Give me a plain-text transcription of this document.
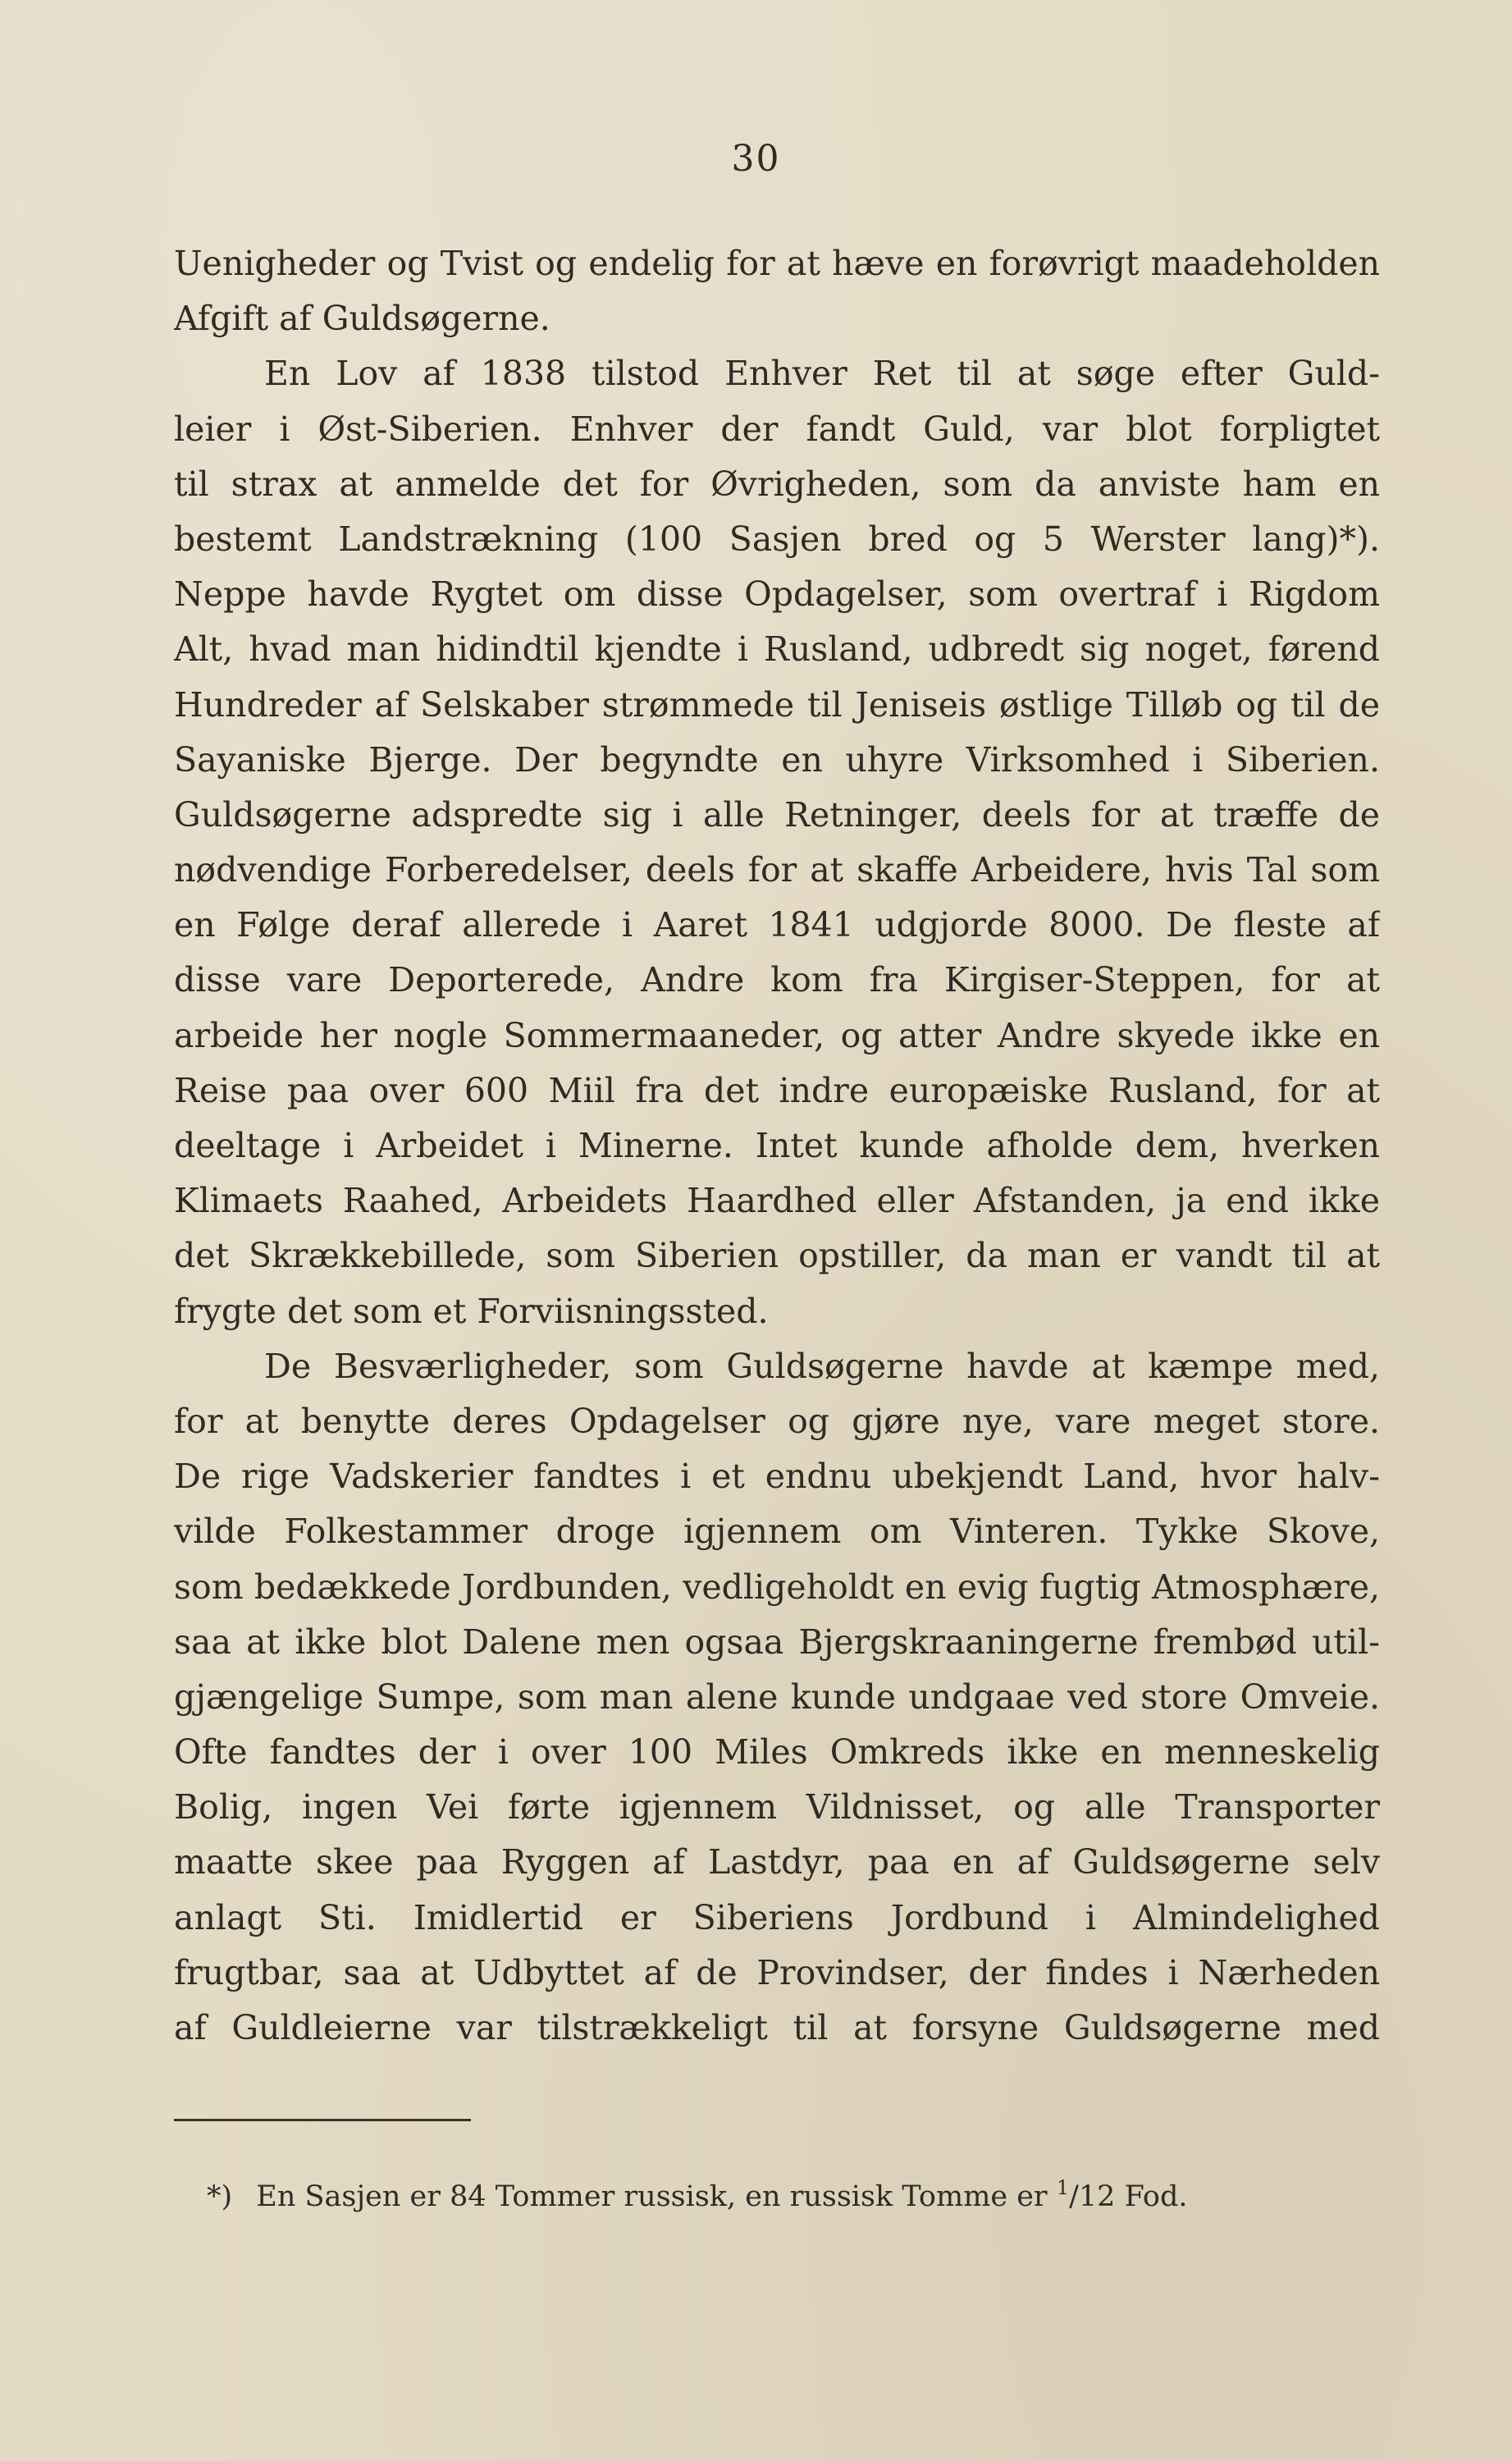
30
Uenigheder og Tvist og endelig for at hæve en forøvrigt maadeholden
Afgift af Guldsøgerne.
En Lov af 1838 tilstod Enhver Ret til at søge efter Guld-
leier i Øst-Siberien. Enhver der fandt Guld, var blot forpligtet
til strax at anmelde det for Øvrigheden, som da anviste ham en
bestemt Landstrækning (100 Sasjen bred og 5 Werster lang)*).
Neppe havde Rygtet om disse Opdagelser, som overtraf i Rigdom
Alt, hvad man hidindtil kjendte i Rusland, udbredt sig noget, førend
Hundreder af Selskaber strømmede til Jeniseis østlige Tilløb og til de
Sayaniske Bjerge. Der begyndte en uhyre Virksomhed i Siberien.
Guldsøgerne adspredte sig i alle Retninger, deels for at træffe de
nødvendige Forberedelser, deels for at skaffe Arbeidere, hvis Tal som
en Følge deraf allerede i Aaret 1841 udgjorde 8000. De fleste af
disse vare Deporterede, Andre kom fra Kirgiser-Steppen, for at
arbeide her nogle Sommermaaneder, og atter Andre skyede ikke en
Reise paa over 600 Miil fra det indre europæiske Rusland, for at
deeltage i Arbeidet i Minerne. Intet kunde afholde dem, hverken
Klimaets Raahed, Arbeidets Haardhed eller Afstanden, ja end ikke
det Skrækkebillede, som Siberien opstiller, da man er vandt til at
frygte det som et Forviisningssted.
De Besværligheder, som Guldsøgerne havde at kæmpe med,
for at benytte deres Opdagelser og gjøre nye, vare meget store.
De rige Vadskerier fandtes i et endnu ubekjendt Land, hvor halv-
vilde Folkestammer droge igjennem om Vinteren. Tykke Skove,
som bedækkede Jordbunden, vedligeholdt en evig fugtig Atmosphære,
saa at ikke blot Dalene men ogsaa Bjergskraaningerne frembød util-
gjængelige Sumpe, som man alene kunde undgaae ved store Omveie.
Ofte fandtes der i over 100 Miles Omkreds ikke en menneskelig
Bolig, ingen Vei førte igjennem Vildnisset, og alle Transporter
maatte skee paa Ryggen af Lastdyr, paa en af Guldsøgerne selv
anlagt Sti. Imidlertid er Siberiens Jordbund i Almindelighed
frugtbar, saa at Udbyttet af de Provindser, der findes i Nærheden
af Guldleierne var tilstrækkeligt til at forsyne Guldsøgerne med
*) En Sasjen er 84 Tommer russisk, en russisk Tomme er $^1$/12 Fod.
